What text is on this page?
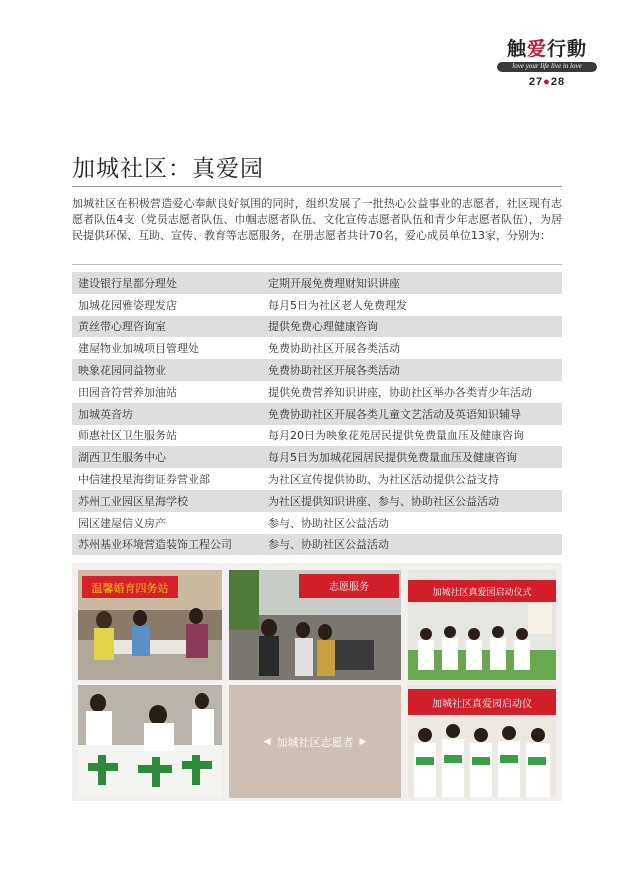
触爱行動
love your life live in love
27●28
加城社区：真爱园
加城社区在积极营造爱心奉献良好氛围的同时，组织发展了一批热心公益事业的志愿者，社区现有志愿者队伍4支（党员志愿者队伍、巾帼志愿者队伍、文化宣传志愿者队伍和青少年志愿者队伍），为居民提供环保、互助、宣传、教育等志愿服务，在册志愿者共计70名，爱心成员单位13家，分别为：
建设银行星都分理处	定期开展免费理财知识讲座
加城花园雅姿理发店	每月5日为社区老人免费理发
黄丝带心理咨询室	提供免费心理健康咨询
建屋物业加城项目管理处	免费协助社区开展各类活动
映象花园同益物业	免费协助社区开展各类活动
田园音符营养加油站	提供免费营养知识讲座，协助社区举办各类青少年活动
加城英音坊	免费协助社区开展各类儿童文艺活动及英语知识辅导
师惠社区卫生服务站	每月20日为映象花苑居民提供免费量血压及健康咨询
湖西卫生服务中心	每月5日为加城花园居民提供免费量血压及健康咨询
中信建投星海街证券营业部	为社区宣传提供协助、为社区活动提供公益支持
苏州工业园区星海学校	为社区提供知识讲座、参与、协助社区公益活动
园区建屋信义房产	参与、协助社区公益活动
苏州基业环境营造装饰工程公司	参与、协助社区公益活动
温馨婚育四务站	志愿服务	加城社区真爱园启动仪式
◀ 加城社区志愿者 ▶
加城社区真爱园启动仪
